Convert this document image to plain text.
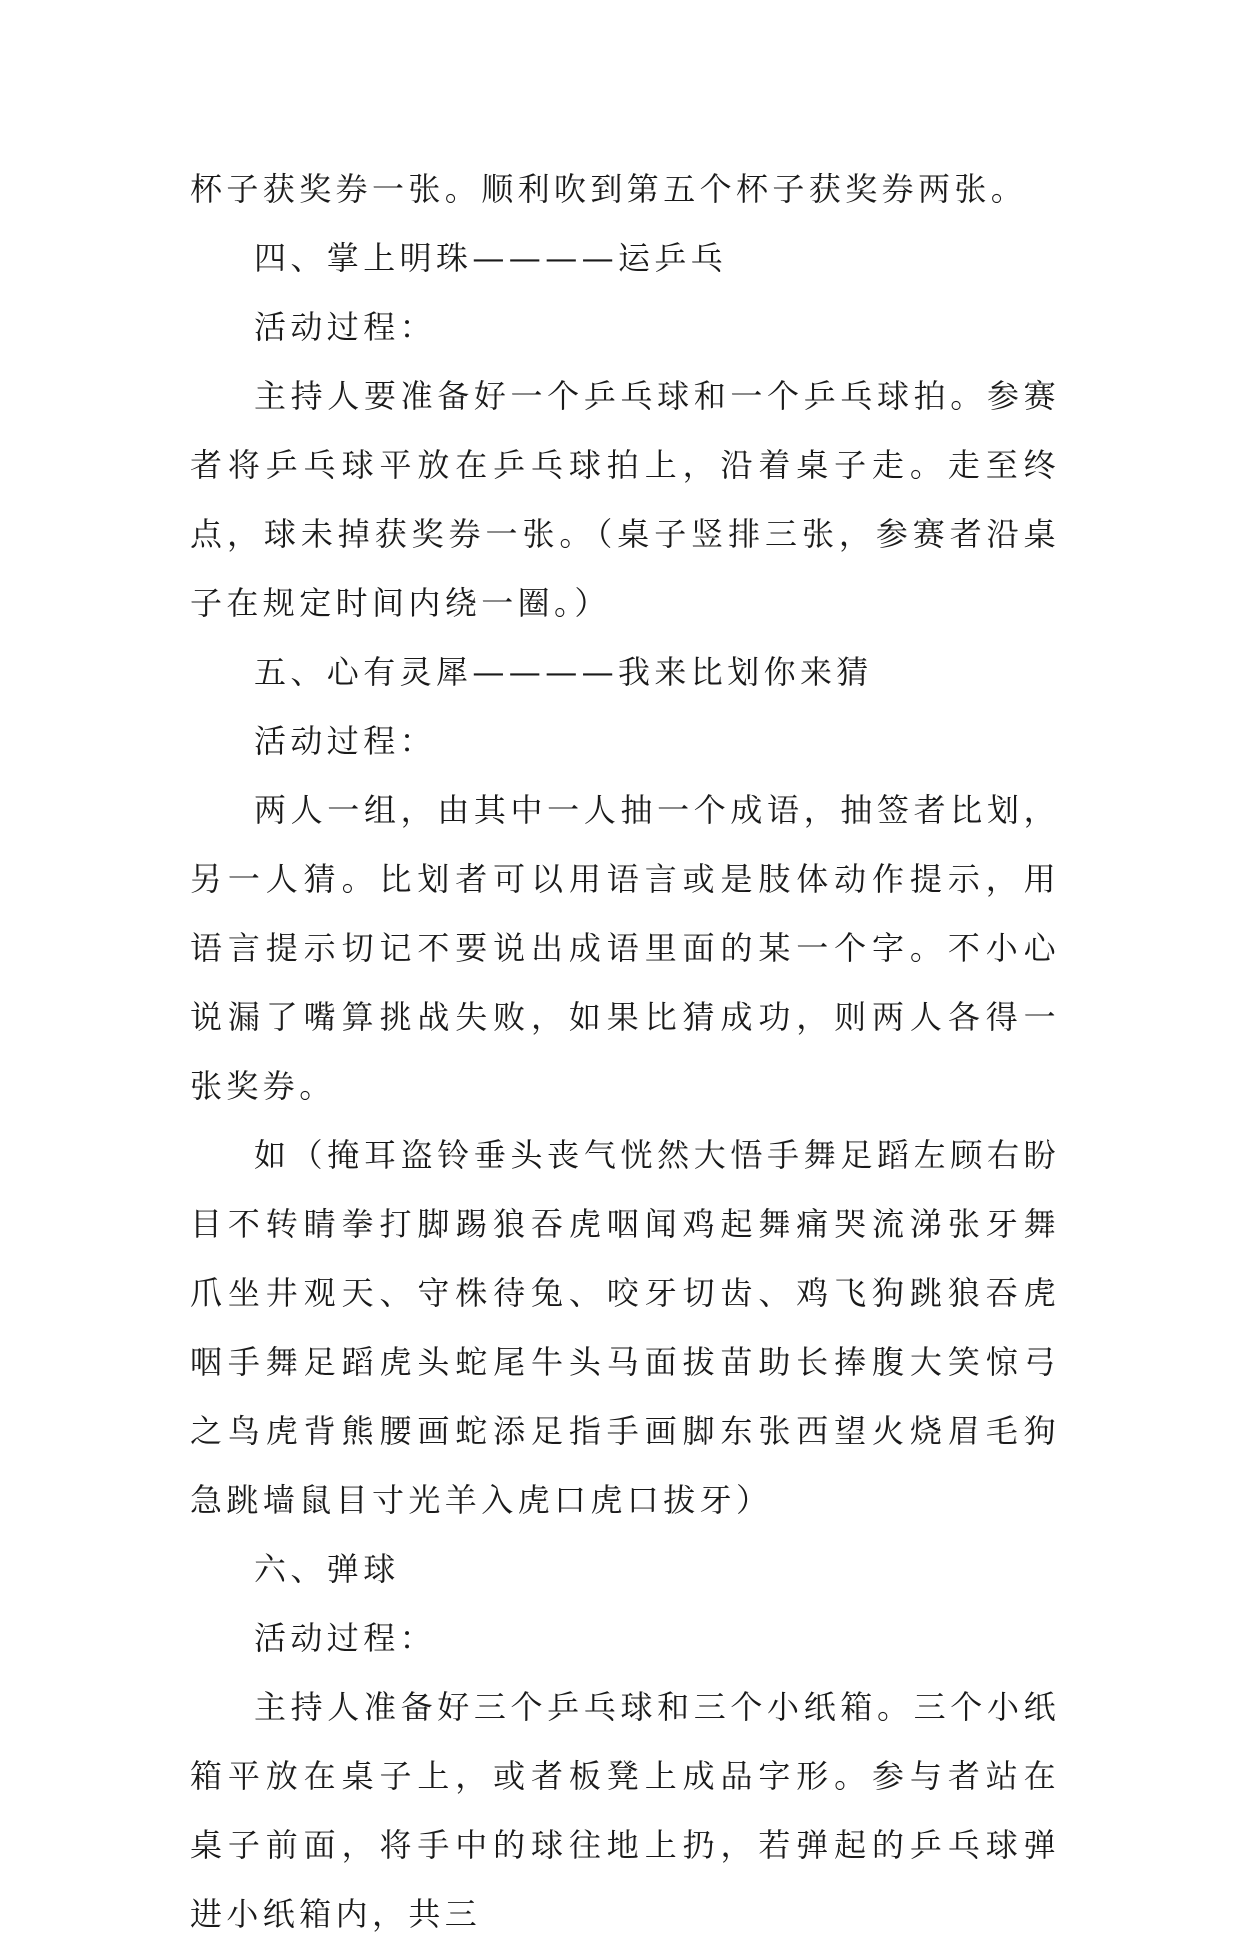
杯子获奖券一张。顺利吹到第五个杯子获奖券两张。

四、掌上明珠————运乒乓

活动过程：

主持人要准备好一个乒乓球和一个乒乓球拍。参赛者将乒乓球平放在乒乓球拍上，沿着桌子走。走至终点，球未掉获奖券一张。（桌子竖排三张，参赛者沿桌子在规定时间内绕一圈。）

五、心有灵犀————我来比划你来猜

活动过程：

两人一组，由其中一人抽一个成语，抽签者比划，另一人猜。比划者可以用语言或是肢体动作提示，用语言提示切记不要说出成语里面的某一个字。不小心说漏了嘴算挑战失败，如果比猜成功，则两人各得一张奖券。

如（掩耳盗铃垂头丧气恍然大悟手舞足蹈左顾右盼目不转睛拳打脚踢狼吞虎咽闻鸡起舞痛哭流涕张牙舞爪坐井观天、守株待兔、咬牙切齿、鸡飞狗跳狼吞虎咽手舞足蹈虎头蛇尾牛头马面拔苗助长捧腹大笑惊弓之鸟虎背熊腰画蛇添足指手画脚东张西望火烧眉毛狗急跳墙鼠目寸光羊入虎口虎口拔牙）

六、弹球

活动过程：

主持人准备好三个乒乓球和三个小纸箱。三个小纸箱平放在桌子上，或者板凳上成品字形。参与者站在桌子前面，将手中的球往地上扔，若弹起的乒乓球弹进小纸箱内，共三
